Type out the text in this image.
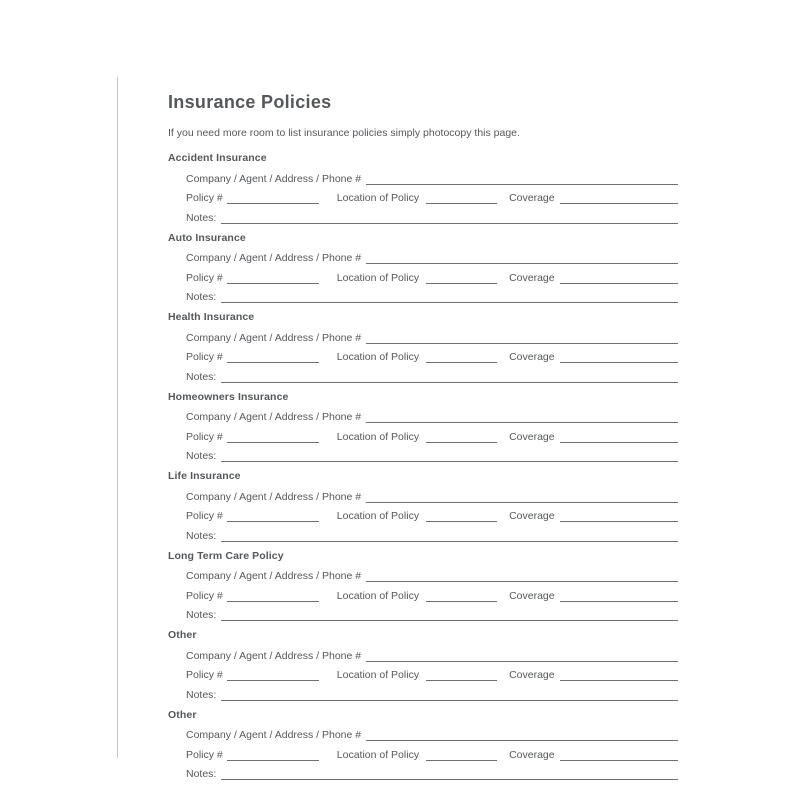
Insurance Policies

If you need more room to list insurance policies simply photocopy this page.

Accident Insurance
Company / Agent / Address / Phone #
Policy #	Location of Policy	Coverage
Notes:
Auto Insurance
Company / Agent / Address / Phone #
Policy #	Location of Policy	Coverage
Notes:
Health Insurance
Company / Agent / Address / Phone #
Policy #	Location of Policy	Coverage
Notes:
Homeowners Insurance
Company / Agent / Address / Phone #
Policy #	Location of Policy	Coverage
Notes:
Life Insurance
Company / Agent / Address / Phone #
Policy #	Location of Policy	Coverage
Notes:
Long Term Care Policy
Company / Agent / Address / Phone #
Policy #	Location of Policy	Coverage
Notes:
Other
Company / Agent / Address / Phone #
Policy #	Location of Policy	Coverage
Notes:
Other
Company / Agent / Address / Phone #
Policy #	Location of Policy	Coverage
Notes:
